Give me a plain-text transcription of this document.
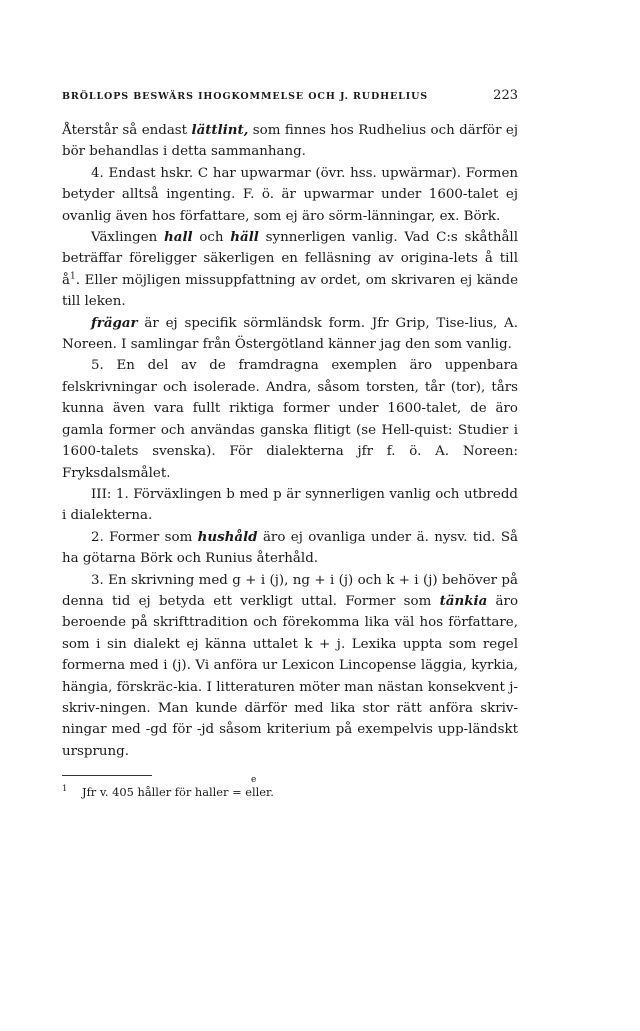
BRÖLLOPS BESWÄRS IHOGKOMMELSE OCH J. RUDHELIUS	223

Återstår så endast lättlint, som finnes hos Rudhelius och därför ej bör behandlas i detta sammanhang.

4. Endast hskr. C har upwarmar (övr. hss. upwärmar). Formen betyder alltså ingenting. F. ö. är upwarmar under 1600-talet ej ovanlig även hos författare, som ej äro sörm-länningar, ex. Börk.

Växlingen hall och häll synnerligen vanlig. Vad C:s skåthåll beträffar föreligger säkerligen en felläsning av origina-lets å till $å^1$. Eller möjligen missuppfattning av ordet, om skrivaren ej kände till leken.

frägar är ej specifik sörmländsk form. Jfr Grip, Tise-lius, A. Noreen. I samlingar från Östergötland känner jag den som vanlig.

5. En del av de framdragna exemplen äro uppenbara felskrivningar och isolerade. Andra, såsom torsten, tår (tor), tårs kunna även vara fullt riktiga former under 1600-talet, de äro gamla former och användas ganska flitigt (se Hell-quist: Studier i 1600-talets svenska). För dialekterna jfr f. ö. A. Noreen: Fryksdalsmålet.

III: 1. Förväxlingen b med p är synnerligen vanlig och utbredd i dialekterna.

2. Former som hushåld äro ej ovanliga under ä. nysv. tid. Så ha götarna Börk och Runius återhåld.

3. En skrivning med g + i (j), ng + i (j) och k + i (j) behöver på denna tid ej betyda ett verkligt uttal. Former som tänkia äro beroende på skrifttradition och förekomma lika väl hos författare, som i sin dialekt ej känna uttalet k + j. Lexika uppta som regel formerna med i (j). Vi anföra ur Lexicon Lincopense läggia, kyrkia, hängia, förskräc-kia. I litteraturen möter man nästan konsekvent j-skriv-ningen. Man kunde därför med lika stor rätt anföra skriv-ningar med -gd för -jd såsom kriterium på exempelvis upp-ländskt ursprung.

1
e
Jfr v. 405 håller för haller = eller.
